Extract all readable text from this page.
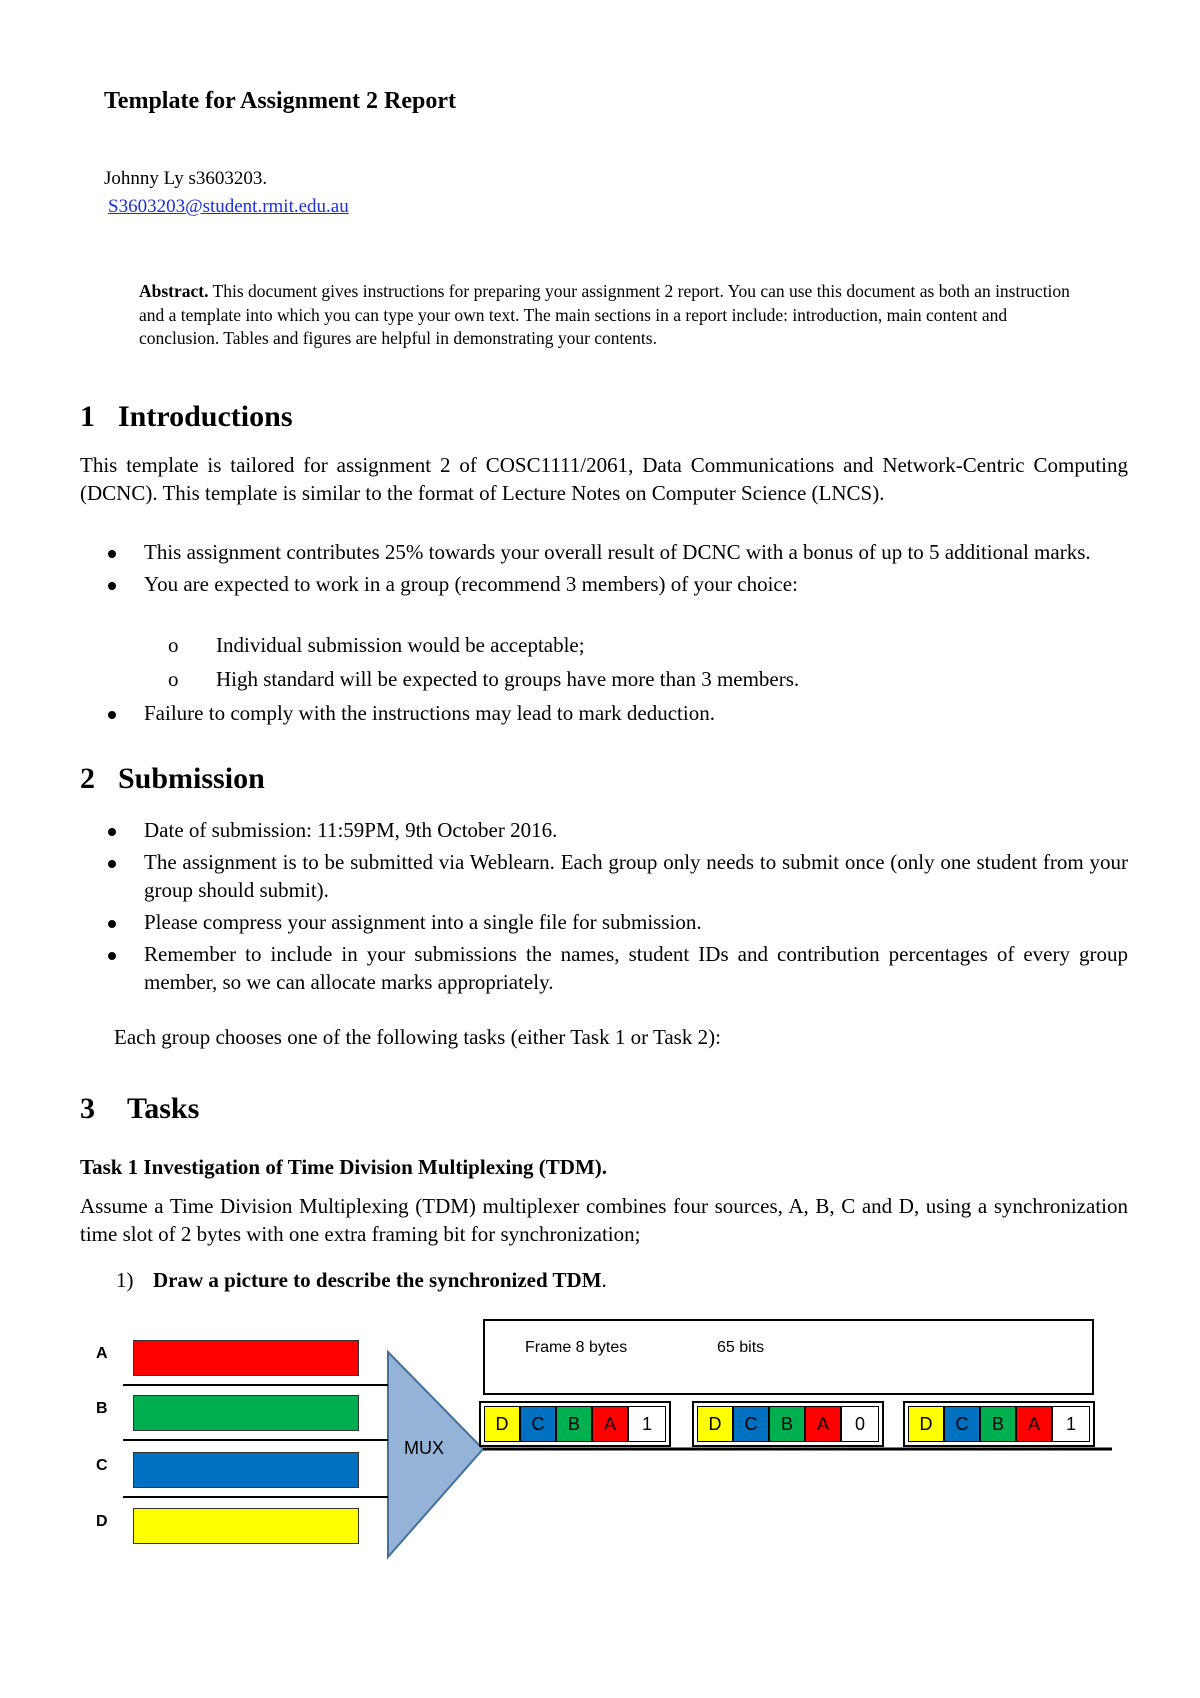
Template for Assignment 2 Report
Johnny Ly s3603203.
S3603203@student.rmit.edu.au
Abstract. This document gives instructions for preparing your assignment 2 report. You can use this document as both an instruction and a template into which you can type your own text. The main sections in a report include: introduction, main content and conclusion. Tables and figures are helpful in demonstrating your contents.
1 Introductions

This template is tailored for assignment 2 of COSC1111/2061, Data Communications and Network-Centric Computing (DCNC). This template is similar to the format of Lecture Notes on Computer Science (LNCS).

This assignment contributes 25% towards your overall result of DCNC with a bonus of up to 5 additional marks.
You are expected to work in a group (recommend 3 members) of your choice:
o Individual submission would be acceptable;
o High standard will be expected to groups have more than 3 members.
Failure to comply with the instructions may lead to mark deduction.
2 Submission
Date of submission: 11:59PM, 9th October 2016.
The assignment is to be submitted via Weblearn. Each group only needs to submit once (only one student from your group should submit).
Please compress your assignment into a single file for submission.
Remember to include in your submissions the names, student IDs and contribution percentages of every group member, so we can allocate marks appropriately.
Each group chooses one of the following tasks (either Task 1 or Task 2):
3 Tasks
Task 1 Investigation of Time Division Multiplexing (TDM).

Assume a Time Division Multiplexing (TDM) multiplexer combines four sources, A, B, C and D, using a synchronization time slot of 2 bytes with one extra framing bit for synchronization;

1) Draw a picture to describe the synchronized TDM.
MUX
A
B
C
D
Frame 8 bytes	65 bits
D	C	B	A	1	D	C	B	A	0	D	C	B	A	1
